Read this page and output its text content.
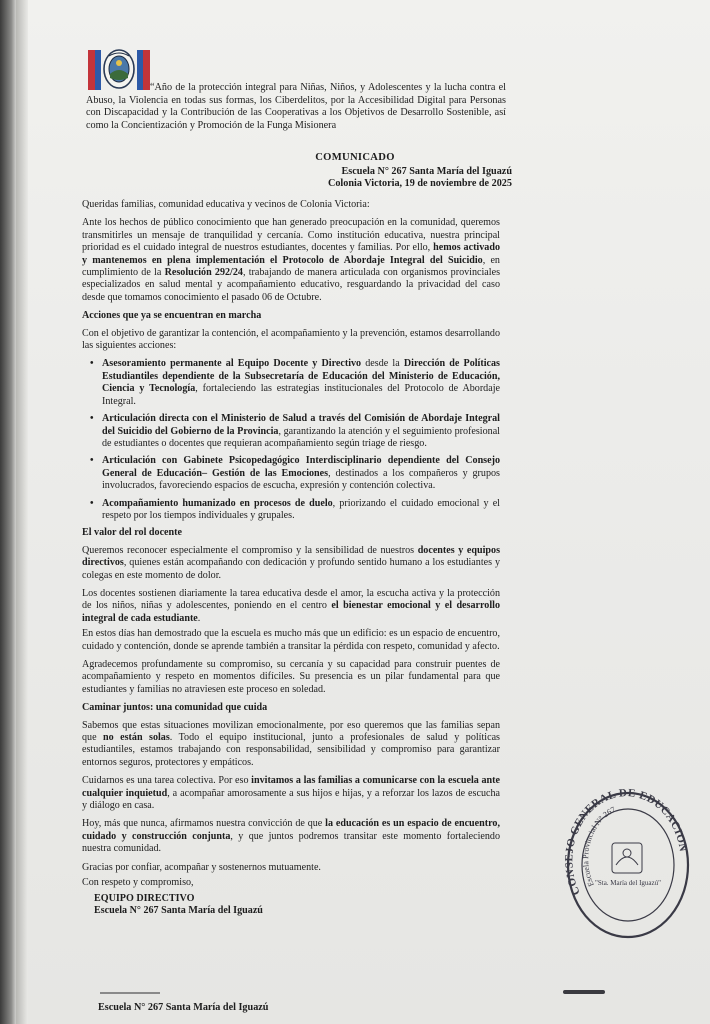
“Año de la protección integral para Niñas, Niños, y Adolescentes y la lucha contra el Abuso, la Violencia en todas sus formas, los Ciberdelitos, por la Accesibilidad Digital para Personas con Discapacidad y la Contribución de las Cooperativas a los Objetivos de Desarrollo Sostenible, así como la Concientización y Promoción de la Funga Misionera
COMUNICADO
Escuela N° 267 Santa María del Iguazú
Colonia Victoria, 19 de noviembre de 2025

Queridas familias, comunidad educativa y vecinos de Colonia Victoria:

Ante los hechos de público conocimiento que han generado preocupación en la comunidad, queremos transmitirles un mensaje de tranquilidad y cercanía. Como institución educativa, nuestra principal prioridad es el cuidado integral de nuestros estudiantes, docentes y familias. Por ello, hemos activado y mantenemos en plena implementación el Protocolo de Abordaje Integral del Suicidio, en cumplimiento de la Resolución 292/24, trabajando de manera articulada con organismos provinciales especializados en salud mental y acompañamiento educativo, resguardando la privacidad del caso desde que tomamos conocimiento el pasado 06 de Octubre.

Acciones que ya se encuentran en marcha

Con el objetivo de garantizar la contención, el acompañamiento y la prevención, estamos desarrollando las siguientes acciones:

• Asesoramiento permanente al Equipo Docente y Directivo desde la Dirección de Políticas Estudiantiles dependiente de la Subsecretaría de Educación del Ministerio de Educación, Ciencia y Tecnología, fortaleciendo las estrategias institucionales del Protocolo de Abordaje Integral.
• Articulación directa con el Ministerio de Salud a través del Comisión de Abordaje Integral del Suicidio del Gobierno de la Provincia, garantizando la atención y el seguimiento profesional de estudiantes o docentes que requieran acompañamiento según triage de riesgo.
• Articulación con Gabinete Psicopedagógico Interdisciplinario dependiente del Consejo General de Educación– Gestión de las Emociones, destinados a los compañeros y grupos involucrados, favoreciendo espacios de escucha, expresión y contención colectiva.
• Acompañamiento humanizado en procesos de duelo, priorizando el cuidado emocional y el respeto por los tiempos individuales y grupales.

El valor del rol docente

Queremos reconocer especialmente el compromiso y la sensibilidad de nuestros docentes y equipos directivos, quienes están acompañando con dedicación y profundo sentido humano a los estudiantes y colegas en este momento de dolor.

Los docentes sostienen diariamente la tarea educativa desde el amor, la escucha activa y la protección de los niños, niñas y adolescentes, poniendo en el centro el bienestar emocional y el desarrollo integral de cada estudiante.

En estos días han demostrado que la escuela es mucho más que un edificio: es un espacio de encuentro, cuidado y contención, donde se aprende también a transitar la pérdida con respeto, comunidad y afecto.

Agradecemos profundamente su compromiso, su cercanía y su capacidad para construir puentes de acompañamiento y respeto en momentos difíciles. Su presencia es un pilar fundamental para que estudiantes y familias no atraviesen este proceso en soledad.

Caminar juntos: una comunidad que cuida

Sabemos que estas situaciones movilizan emocionalmente, por eso queremos que las familias sepan que no están solas. Todo el equipo institucional, junto a profesionales de salud y políticas estudiantiles, estamos trabajando con responsabilidad, sensibilidad y compromiso para garantizar entornos seguros, protectores y empáticos.

Cuidarnos es una tarea colectiva. Por eso invitamos a las familias a comunicarse con la escuela ante cualquier inquietud, a acompañar amorosamente a sus hijos e hijas, y a reforzar los lazos de escucha y diálogo en casa.

Hoy, más que nunca, afirmamos nuestra convicción de que la educación es un espacio de encuentro, cuidado y construcción conjunta, y que juntos podremos transitar este momento fortaleciendo nuestra comunidad.

Gracias por confiar, acompañar y sostenernos mutuamente.

Con respeto y compromiso,

EQUIPO DIRECTIVO
Escuela N° 267 Santa María del Iguazú
Escuela N° 267 Santa María del Iguazú
CONSEJO GENERAL DE EDUCACION
Escuela Provincial N° 267
"Sta. María del Iguazú"
